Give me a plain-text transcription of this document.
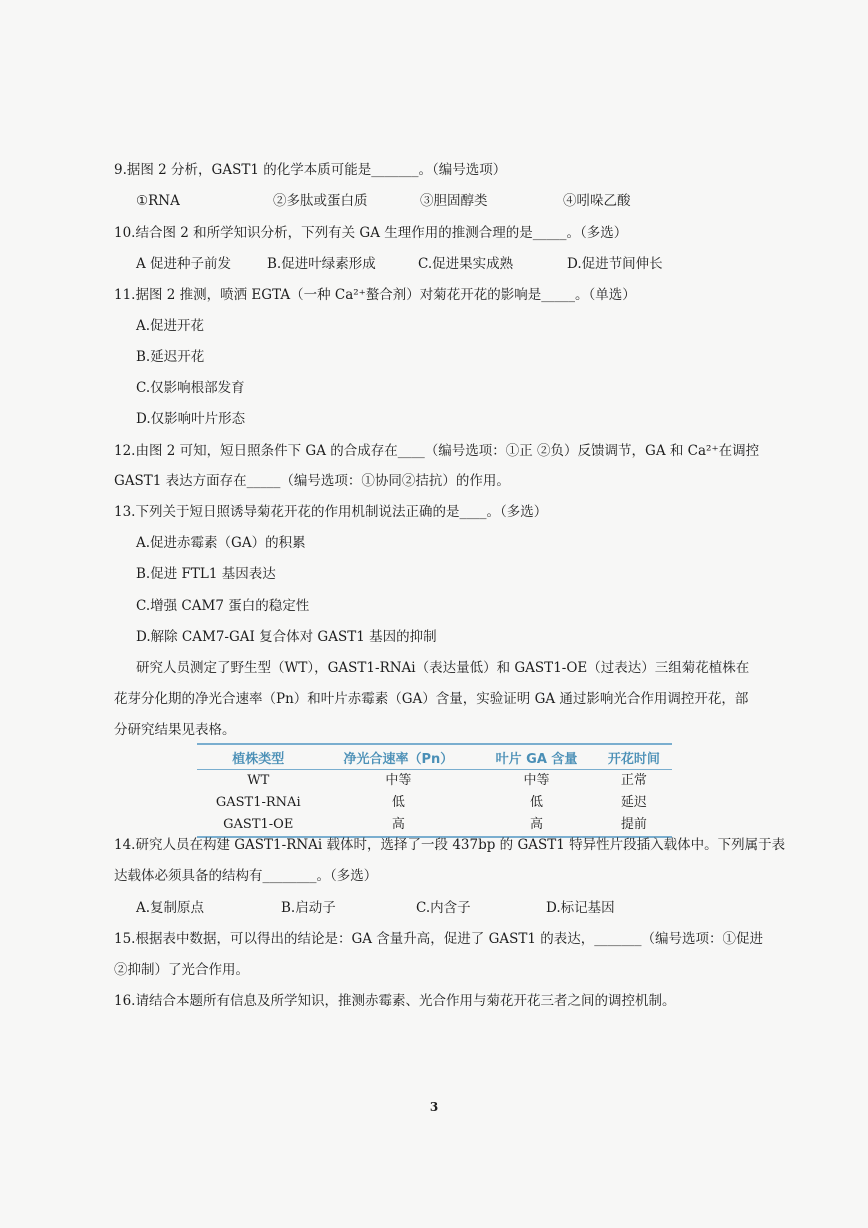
9.据图 2 分析，GAST1 的化学本质可能是_______。（编号选项）
①RNA	②多肽或蛋白质	③胆固醇类	④吲哚乙酸
10.结合图 2 和所学知识分析，下列有关 GA 生理作用的推测合理的是_____。（多选）
A 促进种子前发	B.促进叶绿素形成	C.促进果实成熟	D.促进节间伸长
11.据图 2 推测，喷洒 EGTA（一种 Ca²⁺螯合剂）对菊花开花的影响是_____。（单选）
A.促进开花
B.延迟开花
C.仅影响根部发育
D.仅影响叶片形态
12.由图 2 可知，短日照条件下 GA 的合成存在____（编号选项：①正 ②负）反馈调节，GA 和 Ca²⁺在调控
GAST1 表达方面存在_____（编号选项：①协同②拮抗）的作用。
13.下列关于短日照诱导菊花开花的作用机制说法正确的是____。（多选）
A.促进赤霉素（GA）的积累
B.促进 FTL1 基因表达
C.增强 CAM7 蛋白的稳定性
D.解除 CAM7-GAI 复合体对 GAST1 基因的抑制
研究人员测定了野生型（WT），GAST1-RNAi（表达量低）和 GAST1-OE（过表达）三组菊花植株在
花芽分化期的净光合速率（Pn）和叶片赤霉素（GA）含量，实验证明 GA 通过影响光合作用调控开花，部
分研究结果见表格。
植株类型	净光合速率（Pn）	叶片 GA 含量	开花时间
WT	中等	中等	正常
GAST1-RNAi	低	低	延迟
GAST1-OE	高	高	提前
14.研究人员在构建 GAST1-RNAi 载体时，选择了一段 437bp 的 GAST1 特异性片段插入载体中。下列属于表
达载体必须具备的结构有________。（多选）
A.复制原点	B.启动子	C.内含子	D.标记基因
15.根据表中数据，可以得出的结论是：GA 含量升高，促进了 GAST1 的表达，_______（编号选项：①促进
②抑制）了光合作用。
16.请结合本题所有信息及所学知识，推测赤霉素、光合作用与菊花开花三者之间的调控机制。
3
